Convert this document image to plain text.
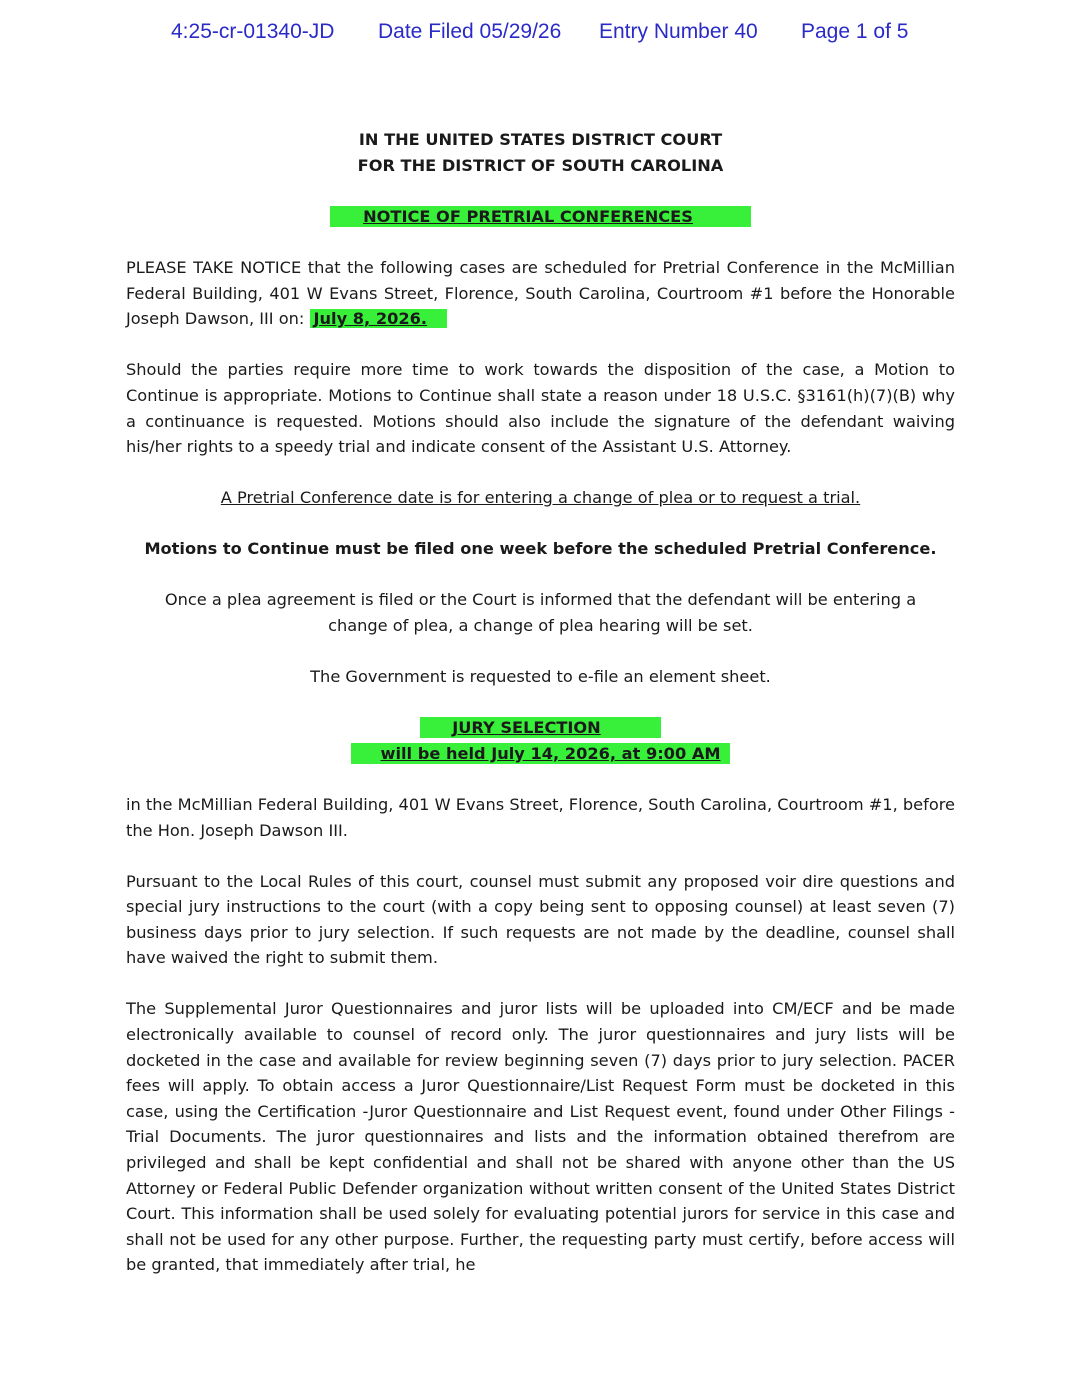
4:25-cr-01340-JD Date Filed 05/29/26 Entry Number 40 Page 1 of 5

IN THE UNITED STATES DISTRICT COURT

FOR THE DISTRICT OF SOUTH CAROLINA

NOTICE OF PRETRIAL CONFERENCES

PLEASE TAKE NOTICE that the following cases are scheduled for Pretrial Conference in the McMillian Federal Building, 401 W Evans Street, Florence, South Carolina, Courtroom #1 before the Honorable Joseph Dawson, III on: July 8, 2026.

Should the parties require more time to work towards the disposition of the case, a Motion to Continue is appropriate. Motions to Continue shall state a reason under 18 U.S.C. §3161(h)(7)(B) why a continuance is requested. Motions should also include the signature of the defendant waiving his/her rights to a speedy trial and indicate consent of the Assistant U.S. Attorney.

A Pretrial Conference date is for entering a change of plea or to request a trial.

Motions to Continue must be filed one week before the scheduled Pretrial Conference.

Once a plea agreement is filed or the Court is informed that the defendant will be entering a change of plea, a change of plea hearing will be set.

The Government is requested to e-file an element sheet.

JURY SELECTION

will be held July 14, 2026, at 9:00 AM

in the McMillian Federal Building, 401 W Evans Street, Florence, South Carolina, Courtroom #1, before the Hon. Joseph Dawson III.

Pursuant to the Local Rules of this court, counsel must submit any proposed voir dire questions and special jury instructions to the court (with a copy being sent to opposing counsel) at least seven (7) business days prior to jury selection. If such requests are not made by the deadline, counsel shall have waived the right to submit them.

The Supplemental Juror Questionnaires and juror lists will be uploaded into CM/ECF and be made electronically available to counsel of record only. The juror questionnaires and jury lists will be docketed in the case and available for review beginning seven (7) days prior to jury selection. PACER fees will apply. To obtain access a Juror Questionnaire/List Request Form must be docketed in this case, using the Certification -Juror Questionnaire and List Request event, found under Other Filings -Trial Documents. The juror questionnaires and lists and the information obtained therefrom are privileged and shall be kept confidential and shall not be shared with anyone other than the US Attorney or Federal Public Defender organization without written consent of the United States District Court. This information shall be used solely for evaluating potential jurors for service in this case and shall not be used for any other purpose. Further, the requesting party must certify, before access will be granted, that immediately after trial, he
